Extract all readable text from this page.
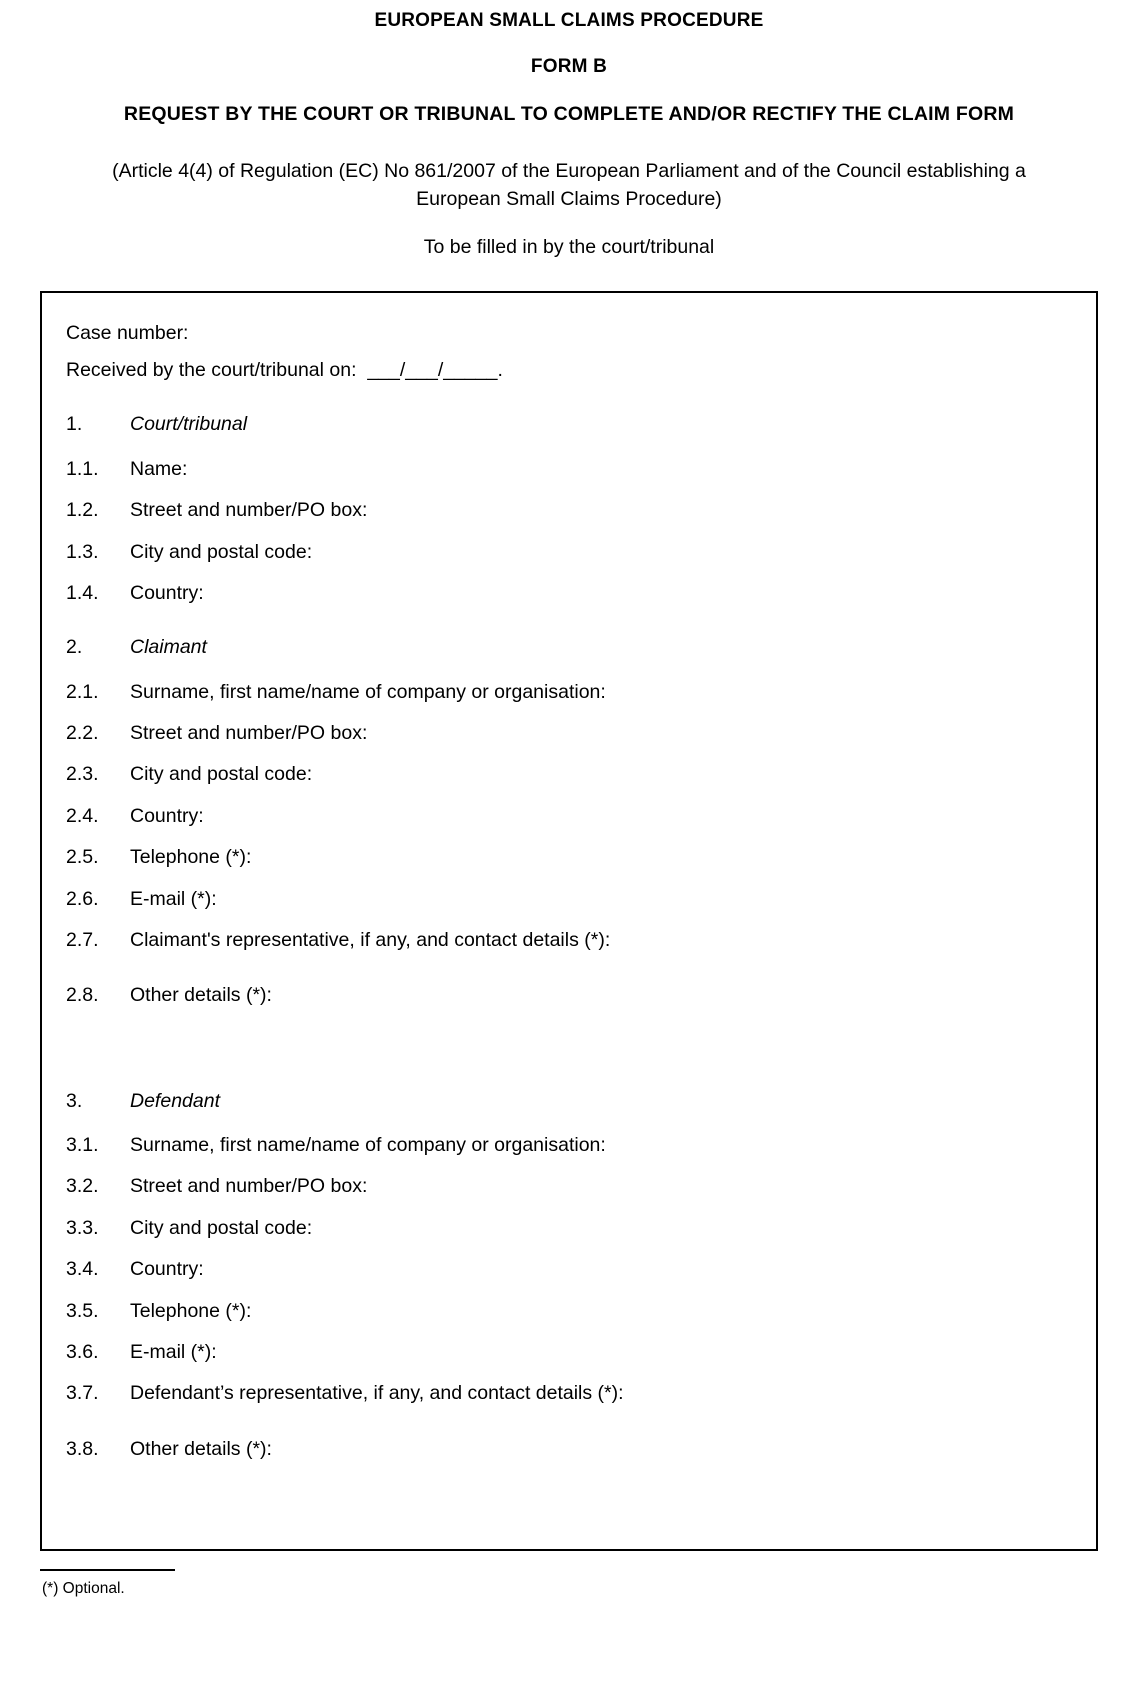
EUROPEAN SMALL CLAIMS PROCEDURE
FORM B
REQUEST BY THE COURT OR TRIBUNAL TO COMPLETE AND/OR RECTIFY THE CLAIM FORM
(Article 4(4) of Regulation (EC) No 861/2007 of the European Parliament and of the Council establishing a European Small Claims Procedure)
To be filled in by the court/tribunal
Case number:
Received by the court/tribunal on:  ___/___/_____.
1.	Court/tribunal
1.1.	Name:
1.2.	Street and number/PO box:
1.3.	City and postal code:
1.4.	Country:
2.	Claimant
2.1.	Surname, first name/name of company or organisation:
2.2.	Street and number/PO box:
2.3.	City and postal code:
2.4.	Country:
2.5.	Telephone (*):
2.6.	E-mail (*):
2.7.	Claimant's representative, if any, and contact details (*):
2.8.	Other details (*):
3.	Defendant
3.1.	Surname, first name/name of company or organisation:
3.2.	Street and number/PO box:
3.3.	City and postal code:
3.4.	Country:
3.5.	Telephone (*):
3.6.	E-mail (*):
3.7.	Defendant’s representative, if any, and contact details (*):
3.8.	Other details (*):
(*) Optional.
